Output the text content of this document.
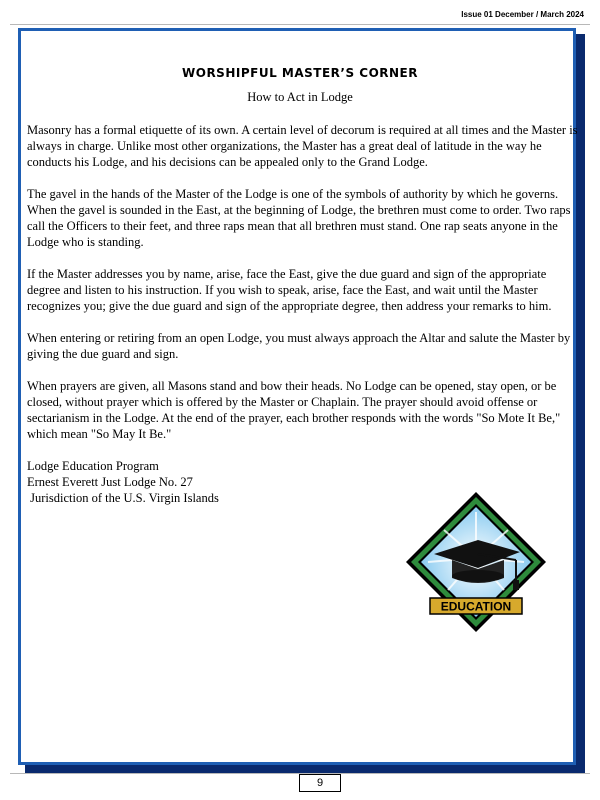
Issue 01 December / March 2024
WORSHIPFUL MASTER’S CORNER
How to Act in Lodge

Masonry has a formal etiquette of its own. A certain level of decorum is required at all times and the Master is always in charge. Unlike most other organizations, the Master has a great deal of latitude in the way he conducts his Lodge, and his decisions can be appealed only to the Grand Lodge.

The gavel in the hands of the Master of the Lodge is one of the symbols of authority by which he governs. When the gavel is sounded in the East, at the beginning of Lodge, the brethren must come to order. Two raps call the Officers to their feet, and three raps mean that all brethren must stand. One rap seats anyone in the Lodge who is standing.

If the Master addresses you by name, arise, face the East, give the due guard and sign of the appropriate degree and listen to his instruction. If you wish to speak, arise, face the East, and wait until the Master recognizes you; give the due guard and sign of the appropriate degree, then address your remarks to him.

When entering or retiring from an open Lodge, you must always approach the Altar and salute the Master by giving the due guard and sign.

When prayers are given, all Masons stand and bow their heads. No Lodge can be opened, stay open, or be closed, without prayer which is offered by the Master or Chaplain. The prayer should avoid offense or sectarianism in the Lodge. At the end of the prayer, each brother responds with the words "So Mote It Be," which mean "So May It Be."

Lodge Education Program
Ernest Everett Just Lodge No. 27
Jurisdiction of the U.S. Virgin Islands
EDUCATION
9
